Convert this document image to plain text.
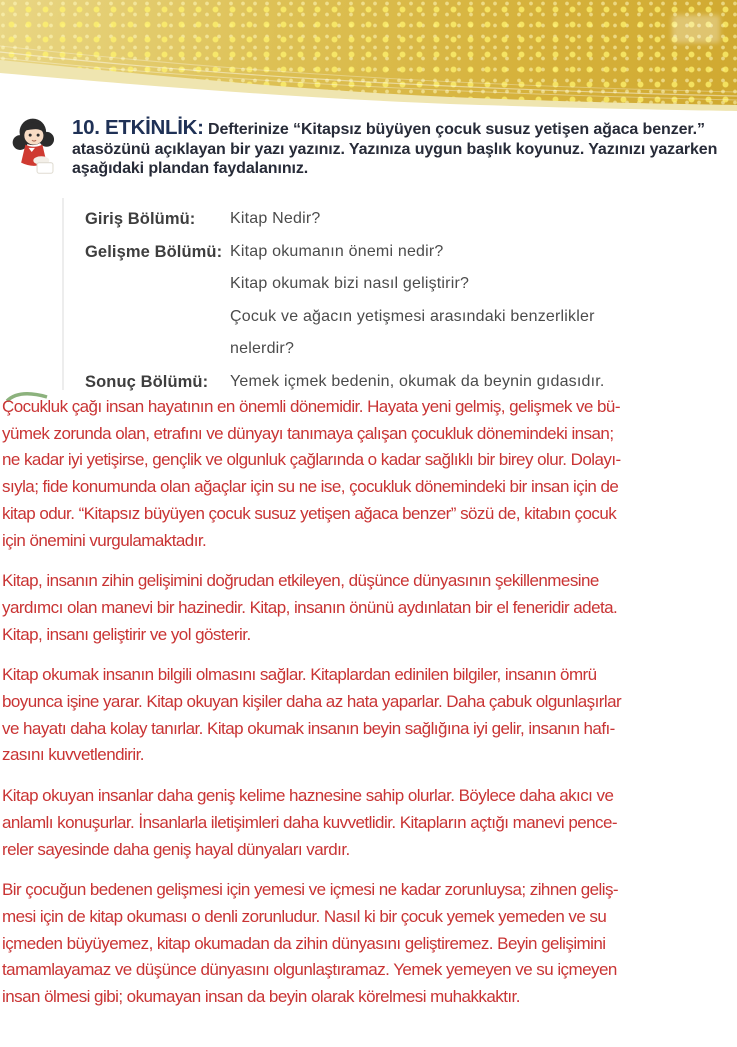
10. ETKİNLİK: Defterinize “Kitapsız büyüyen çocuk susuz yetişen ağaca benzer.” atasözünü açıklayan bir yazı yazınız. Yazınıza uygun başlık koyunuz. Yazınızı yazarken aşağıdaki plandan faydalanınız.
Giriş Bölümü:	Kitap Nedir?
Gelişme Bölümü: Kitap okumanın önemi nedir?
Kitap okumak bizi nasıl geliştirir?
Çocuk ve ağacın yetişmesi arasındaki benzerlikler
nelerdir?
Sonuç Bölümü:	Yemek içmek bedenin, okumak da beynin gıdasıdır.
Çocukluk çağı insan hayatının en önemli dönemidir. Hayata yeni gelmiş, gelişmek ve bü-
yümek zorunda olan, etrafını ve dünyayı tanımaya çalışan çocukluk dönemindeki insan;
ne kadar iyi yetişirse, gençlik ve olgunluk çağlarında o kadar sağlıklı bir birey olur. Dolayı-
sıyla; fide konumunda olan ağaçlar için su ne ise, çocukluk dönemindeki bir insan için de
kitap odur. “Kitapsız büyüyen çocuk susuz yetişen ağaca benzer” sözü de, kitabın çocuk
için önemini vurgulamaktadır.
Kitap, insanın zihin gelişimini doğrudan etkileyen, düşünce dünyasının şekillenmesine
yardımcı olan manevi bir hazinedir. Kitap, insanın önünü aydınlatan bir el feneridir adeta.
Kitap, insanı geliştirir ve yol gösterir.
Kitap okumak insanın bilgili olmasını sağlar. Kitaplardan edinilen bilgiler, insanın ömrü
boyunca işine yarar. Kitap okuyan kişiler daha az hata yaparlar. Daha çabuk olgunlaşırlar
ve hayatı daha kolay tanırlar. Kitap okumak insanın beyin sağlığına iyi gelir, insanın hafı-
zasını kuvvetlendirir.
Kitap okuyan insanlar daha geniş kelime haznesine sahip olurlar. Böylece daha akıcı ve
anlamlı konuşurlar. İnsanlarla iletişimleri daha kuvvetlidir. Kitapların açtığı manevi pence-
reler sayesinde daha geniş hayal dünyaları vardır.
Bir çocuğun bedenen gelişmesi için yemesi ve içmesi ne kadar zorunluysa; zihnen geliş-
mesi için de kitap okuması o denli zorunludur. Nasıl ki bir çocuk yemek yemeden ve su
içmeden büyüyemez, kitap okumadan da zihin dünyasını geliştiremez. Beyin gelişimini
tamamlayamaz ve düşünce dünyasını olgunlaştıramaz. Yemek yemeyen ve su içmeyen
insan ölmesi gibi; okumayan insan da beyin olarak körelmesi muhakkaktır.
